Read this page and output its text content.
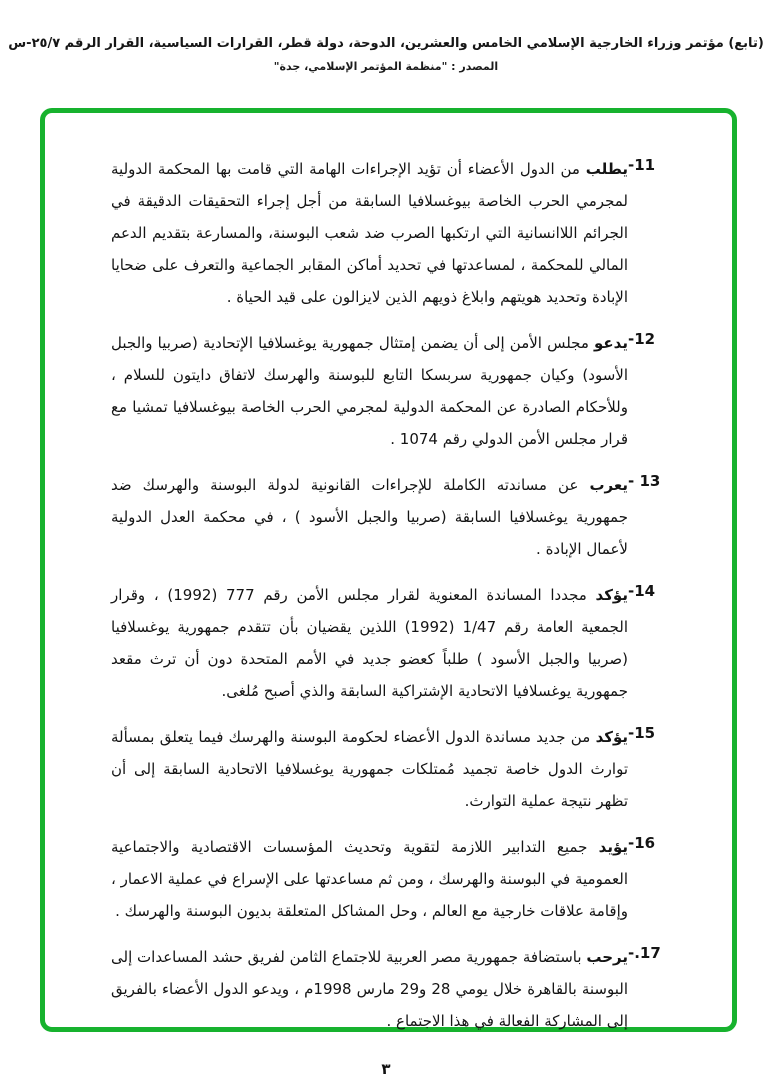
(تابع) مؤتمر وزراء الخارجية الإسلامي الخامس والعشرين، الدوحة، دولة قطر، القرارات السياسية، القرار الرقم ٢٥/٧-س
المصدر : "منظمة المؤتمر الإسلامي، جدة"
-11
يطلب من الدول الأعضاء أن تؤيد الإجراءات الهامة التي قامت بها المحكمة الدولية لمجرمي الحرب الخاصة بيوغسلافيا السابقة من أجل إجراء التحقيقات الدقيقة في الجرائم اللاانسانية التي ارتكبها الصرب ضد شعب البوسنة، والمسارعة بتقديم الدعم المالي للمحكمة ، لمساعدتها في تحديد أماكن المقابر الجماعية والتعرف على ضحايا الإبادة وتحديد هويتهم وابلاغ ذويهم الذين لايزالون على قيد الحياة .
-12
يدعو مجلس الأمن إلى أن يضمن إمتثال جمهورية يوغسلافيا الإتحادية (صربيا والجبل الأسود) وكيان جمهورية سربسكا التابع للبوسنة والهرسك لاتفاق دايتون للسلام ، وللأحكام الصادرة عن المحكمة الدولية لمجرمي الحرب الخاصة بيوغسلافيا تمشيا مع قرار مجلس الأمن الدولي رقم 1074 .
- 13
يعرب عن مساندته الكاملة للإجراءات القانونية لدولة البوسنة والهرسك ضد جمهورية يوغسلافيا السابقة (صربيا والجبل الأسود ) ، في محكمة العدل الدولية لأعمال الإبادة .
-14
يؤكد مجددا المساندة المعنوية لقرار مجلس الأمن رقم 777 (1992) ، وقرار الجمعية العامة رقم 1/47 (1992) اللذين يقضيان بأن تتقدم جمهورية يوغسلافيا (صربيا والجبل الأسود ) طلباً كعضو جديد في الأمم المتحدة دون أن ترث مقعد جمهورية يوغسلافيا الاتحادية الإشتراكية السابقة والذي أصبح مُلغى.
-15
يؤكد من جديد مساندة الدول الأعضاء لحكومة البوسنة والهرسك فيما يتعلق بمسألة توارث الدول خاصة تجميد مُمتلكات جمهورية يوغسلافيا الاتحادية السابقة إلى أن تظهر نتيجة عملية التوارث.
-16
يؤيد جميع التدابير اللازمة لتقوية وتحديث المؤسسات الاقتصادية والاجتماعية العمومية في البوسنة والهرسك ، ومن ثم مساعدتها على الإسراع في عملية الاعمار ، وإقامة علاقات خارجية مع العالم ، وحل المشاكل المتعلقة بديون البوسنة والهرسك .
-.17
يرحب باستضافة جمهورية مصر العربية للاجتماع الثامن لفريق حشد المساعدات إلى البوسنة بالقاهرة خلال يومي 28 و29 مارس 1998م ، ويدعو الدول الأعضاء بالفريق إلى المشاركة الفعالة في هذا الاجتماع .
٣
